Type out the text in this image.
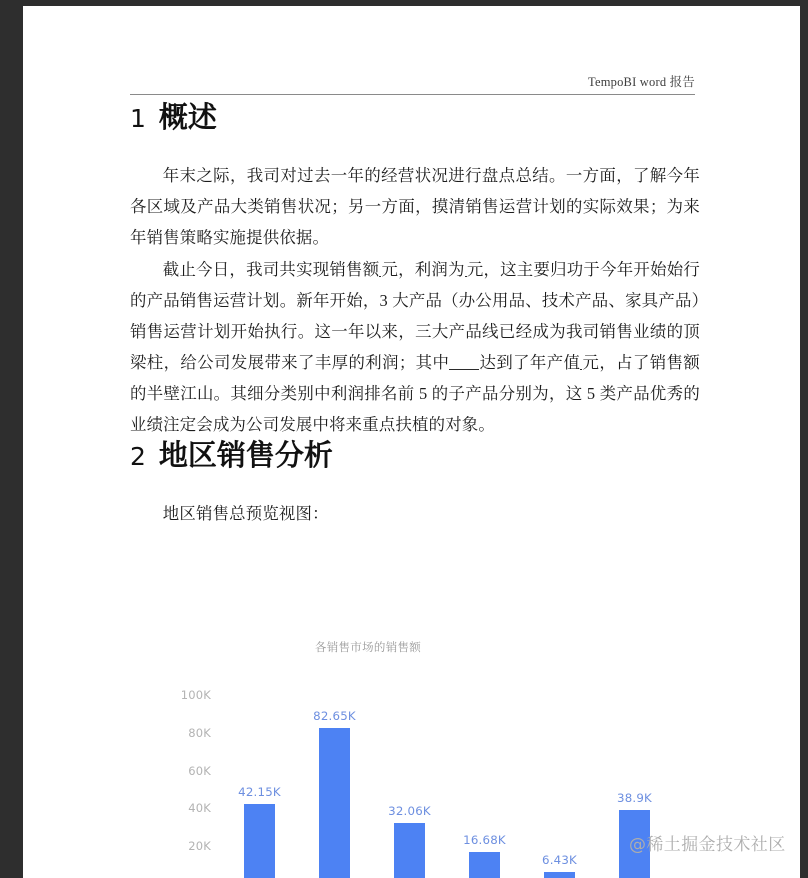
TempoBI word 报告
1 概述

年末之际，我司对过去一年的经营状况进行盘点总结。一方面，了解今年各区域及产品大类销售状况；另一方面，摸清销售运营计划的实际效果；为来年销售策略实施提供依据。

截止今日，我司共实现销售额 元，利润为 元，这主要归功于今年开始始行的产品销售运营计划。新年开始，3 大产品（办公用品、技术产品、家具产品）销售运营计划开始执行。这一年以来，三大产品线已经成为我司销售业绩的顶梁柱，给公司发展带来了丰厚的利润；其中 达到了年产值 元，占了销售额的半壁江山。其细分类别中利润排名前 5 的子产品分别为，这 5 类产品优秀的业绩注定会成为公司发展中将来重点扶植的对象。

2 地区销售分析

地区销售总预览视图：

各销售市场的销售额
20K
40K
60K
80K
100K
42.15K
82.65K
32.06K
16.68K
6.43K
38.9K
@稀土掘金技术社区
